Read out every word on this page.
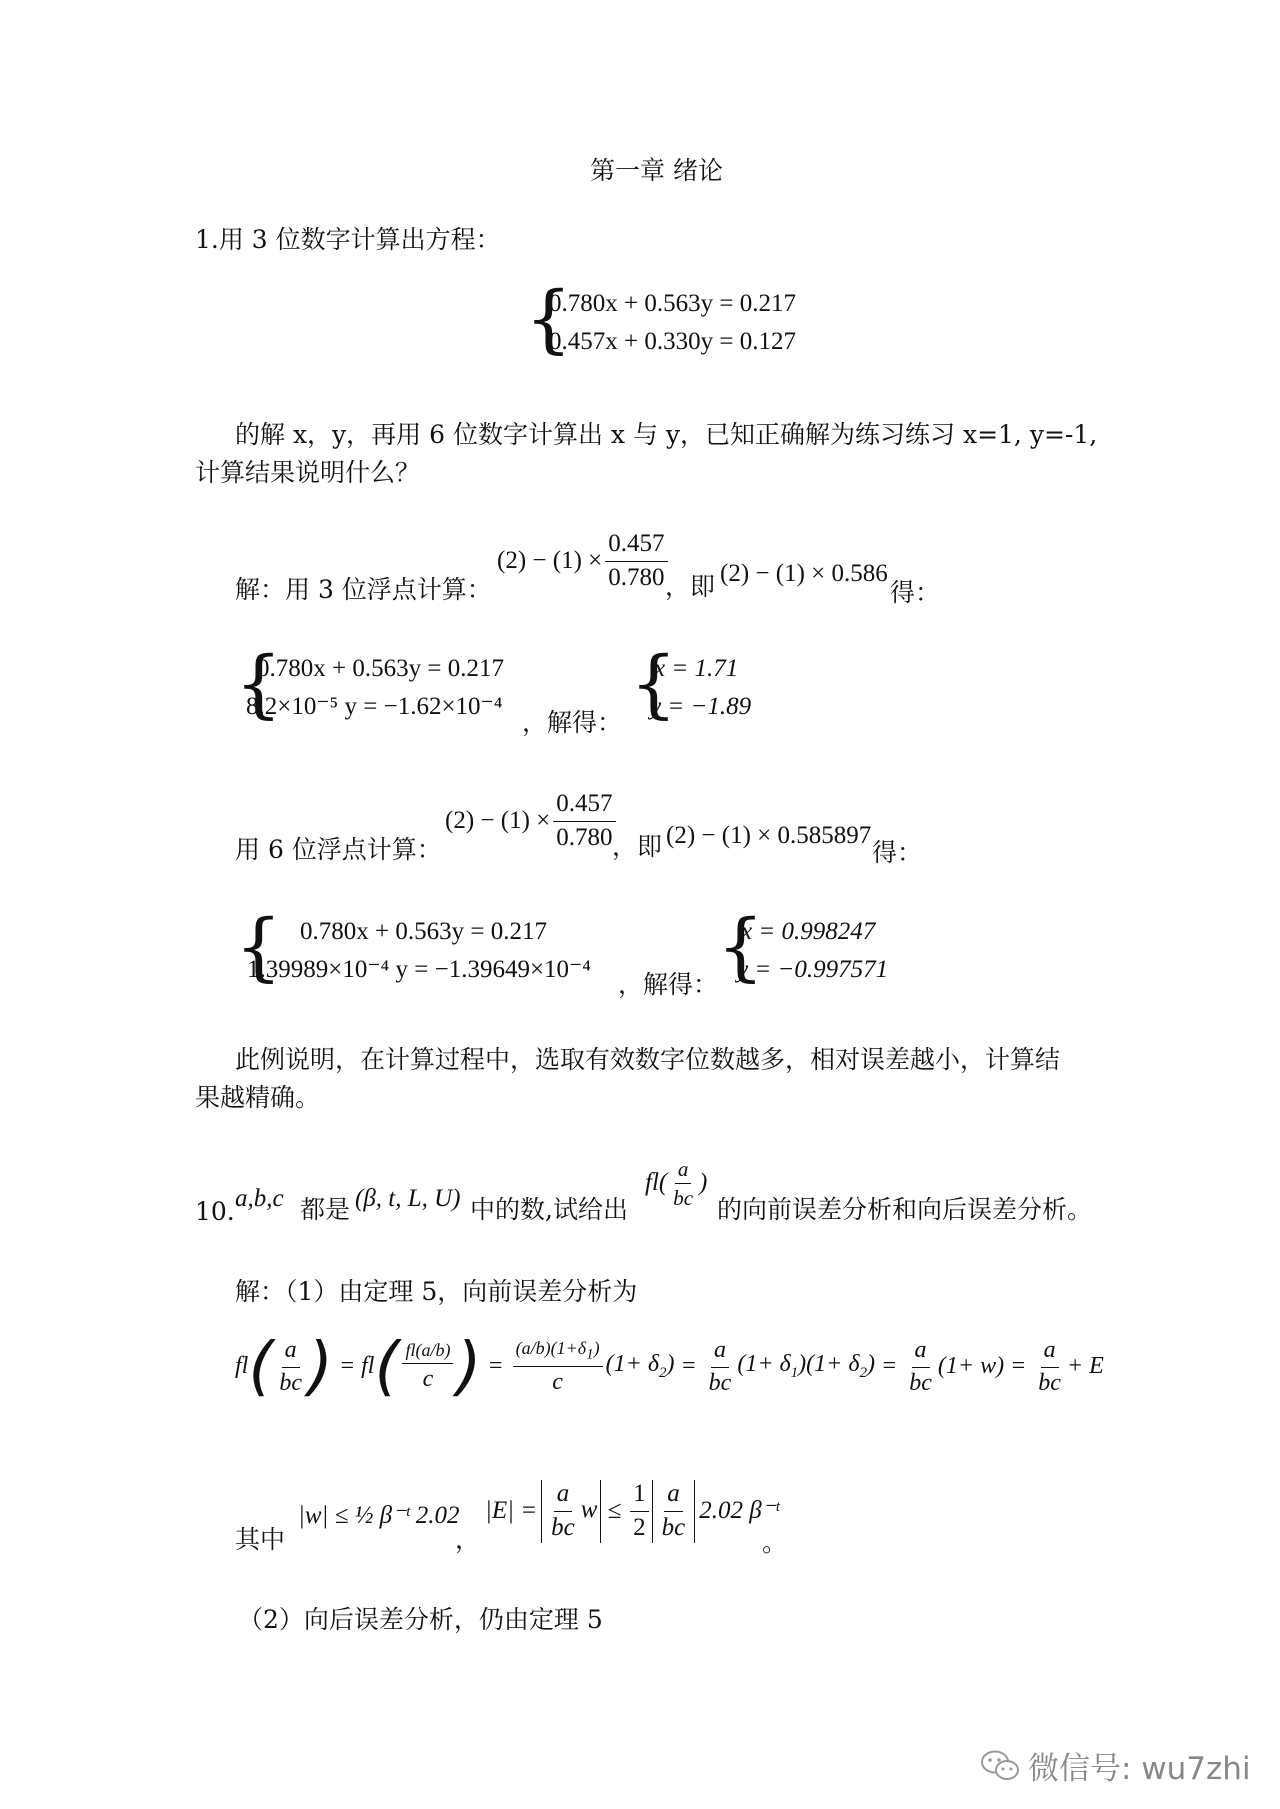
第一章 绪论
1.用 3 位数字计算出方程：
{
0.780x + 0.563y = 0.217
0.457x + 0.330y = 0.127
的解 x，y，再用 6 位数字计算出 x 与 y，已知正确解为练习练习 x=1, y=-1,
计算结果说明什么？
解：用 3 位浮点计算：
$(2) - (1) \times \frac{0.457}{0.780}$
，即 (2) − (1) × 0.586
得：
{
0.780x + 0.563y = 0.217
8.2×10⁻⁵ y = −1.62×10⁻⁴
，解得： {
x = 1.71
y = −1.89
用 6 位浮点计算：
$(2) - (1) \times \frac{0.457}{0.780}$
，即 (2) − (1) × 0.585897
得：
{ 0.780x + 0.563y = 0.217
1.39989×10⁻⁴ y = −1.39649×10⁻⁴
，解得：
{
x = 0.998247
y = −0.997571
此例说明，在计算过程中，选取有效数字位数越多，相对误差越小，计算结
果越精确。
10. a,b,c 都是 (β, t, L, U) 中的数,试给出
$fl( \frac{a}{bc}$ )
的向前误差分析和向后误差分析。
解：（1）由定理 5，向前误差分析为
fl ( $\frac{a}{bc}$ ) = fl ( $\frac{fl(a/b)}{c}$ ) = $\frac{(a/b)(1+\delta_1)}{c} (1+ \delta_2) = \frac{a}{bc} (1+ \delta_1)(1+ \delta_2) = \frac{a}{bc} (1+ w) = \frac{a}{bc} + E$
其中
|w| ≤ ½ β⁻ᵗ 2.02
，
$|E| = \frac{a}{bc}$ $w \le \frac{1}{2} \frac{a}{bc} 2.02$ β⁻ᵗ
。
（2）向后误差分析，仍由定理 5
微信号: wu7zhi
